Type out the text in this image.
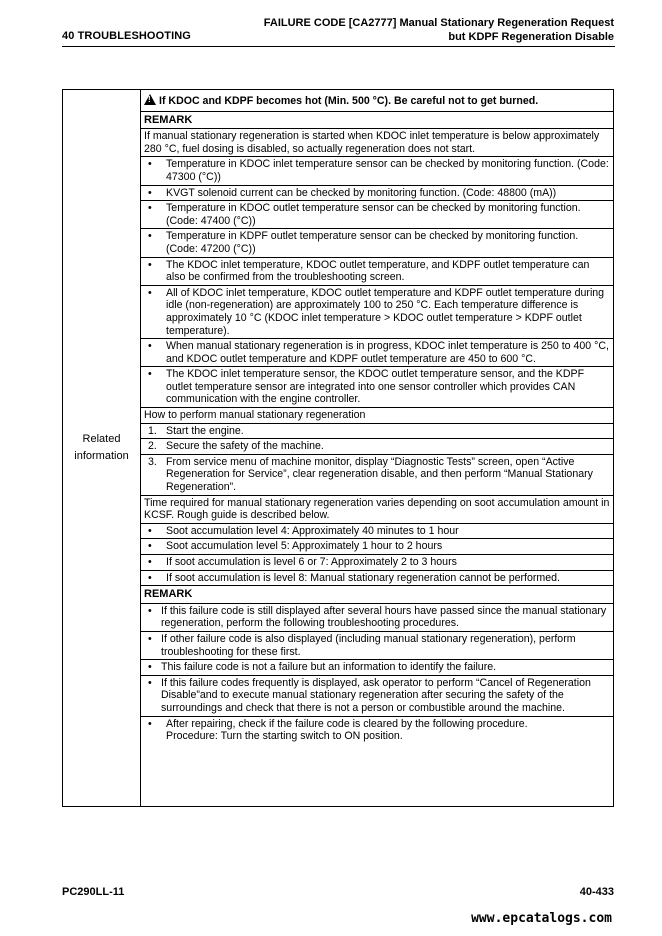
40 TROUBLESHOOTING
FAILURE CODE [CA2777] Manual Stationary Regeneration Request
but KDPF Regeneration Disable
Related
information
!If KDOC and KDPF becomes hot (Min. 500 °C). Be careful not to get burned.
REMARK
If manual stationary regeneration is started when KDOC inlet temperature is below approximately 280 °C, fuel dosing is disabled, so actually regeneration does not start.
•	Temperature in KDOC inlet temperature sensor can be checked by monitoring function. (Code: 47300 (°C))
•	KVGT solenoid current can be checked by monitoring function. (Code: 48800 (mA))
•	Temperature in KDOC outlet temperature sensor can be checked by monitoring function. (Code: 47400 (°C))
•	Temperature in KDPF outlet temperature sensor can be checked by monitoring function. (Code: 47200 (°C))
•	The KDOC inlet temperature, KDOC outlet temperature, and KDPF outlet temperature can also be confirmed from the troubleshooting screen.
•	All of KDOC inlet temperature, KDOC outlet temperature and KDPF outlet temperature during idle (non-regeneration) are approximately 100 to 250 °C. Each temperature difference is approximately 10 °C (KDOC inlet temperature > KDOC outlet temperature > KDPF outlet temperature).
•	When manual stationary regeneration is in progress, KDOC inlet temperature is 250 to 400 °C, and KDOC outlet temperature and KDPF outlet temperature are 450 to 600 °C.
•	The KDOC inlet temperature sensor, the KDOC outlet temperature sensor, and the KDPF outlet temperature sensor are integrated into one sensor controller which provides CAN communication with the engine controller.
How to perform manual stationary regeneration
1. Start the engine.
2. Secure the safety of the machine.
3. From service menu of machine monitor, display “Diagnostic Tests” screen, open “Active Regeneration for Service”, clear regeneration disable, and then perform “Manual Stationary Regeneration”.
Time required for manual stationary regeneration varies depending on soot accumulation amount in KCSF. Rough guide is described below.
•	Soot accumulation level 4: Approximately 40 minutes to 1 hour
•	Soot accumulation level 5: Approximately 1 hour to 2 hours
•	If soot accumulation is level 6 or 7: Approximately 2 to 3 hours
•	If soot accumulation is level 8: Manual stationary regeneration cannot be performed.
REMARK
• If this failure code is still displayed after several hours have passed since the manual stationary regeneration, perform the following troubleshooting procedures.
• If other failure code is also displayed (including manual stationary regeneration), perform troubleshooting for these first.
• This failure code is not a failure but an information to identify the failure.
• If this failure codes frequently is displayed, ask operator to perform “Cancel of Regeneration Disable”and to execute manual stationary regeneration after securing the safety of the surroundings and check that there is not a person or combustible around the machine.
•	After repairing, check if the failure code is cleared by the following procedure.
Procedure: Turn the starting switch to ON position.
PC290LL-11	40-433
www.epcatalogs.com
